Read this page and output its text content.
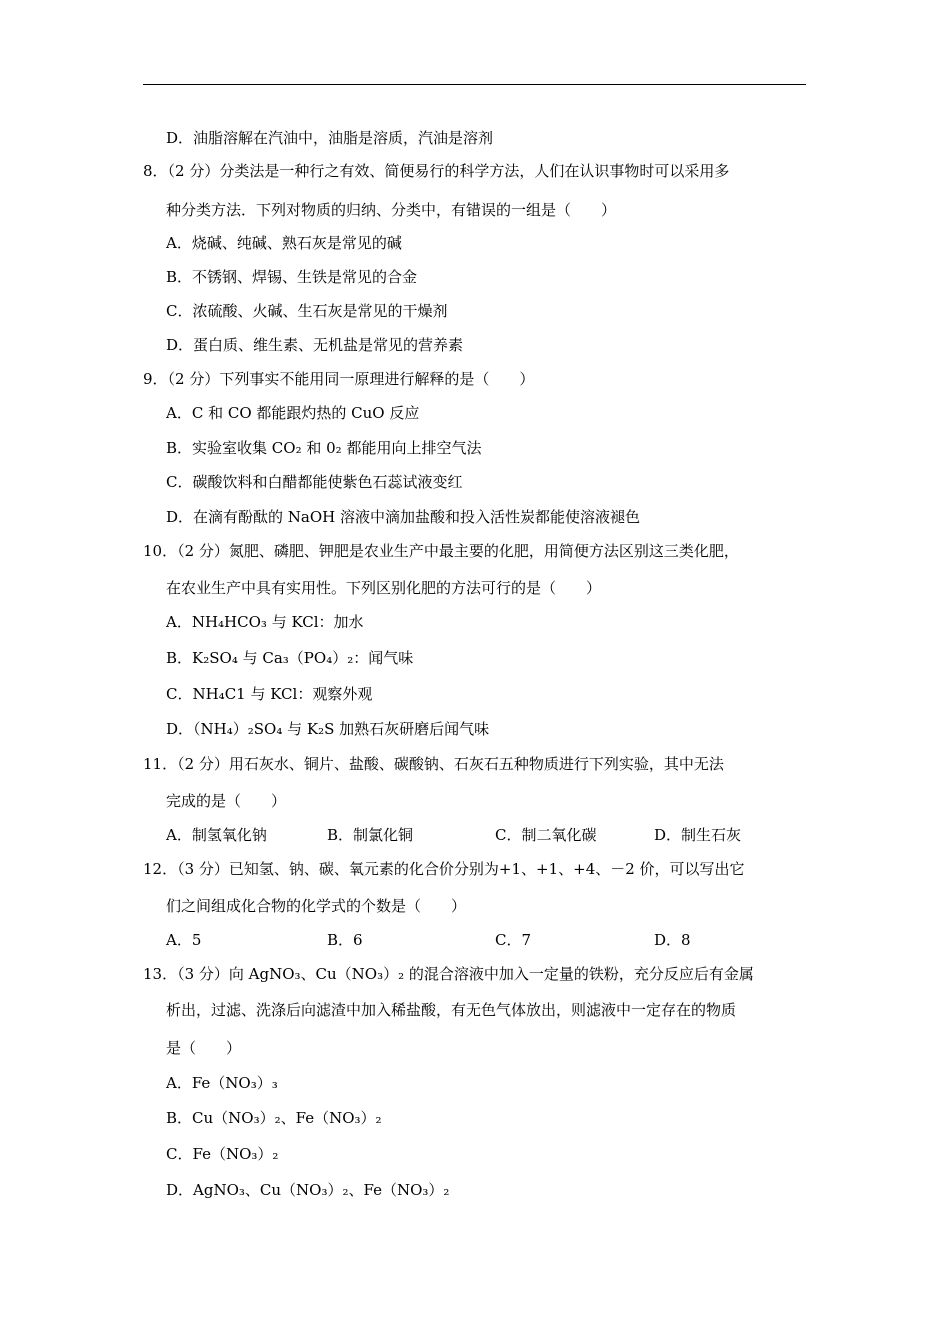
D．油脂溶解在汽油中，油脂是溶质，汽油是溶剂
8．（2 分）分类法是一种行之有效、简便易行的科学方法，人们在认识事物时可以采用多
种分类方法．下列对物质的归纳、分类中，有错误的一组是（　　）
A．烧碱、纯碱、熟石灰是常见的碱
B．不锈钢、焊锡、生铁是常见的合金
C．浓硫酸、火碱、生石灰是常见的干燥剂
D．蛋白质、维生素、无机盐是常见的营养素
9．（2 分）下列事实不能用同一原理进行解释的是（　　）
A．C 和 CO 都能跟灼热的 CuO 反应
B．实验室收集 CO₂ 和 0₂ 都能用向上排空气法
C．碳酸饮料和白醋都能使紫色石蕊试液变红
D．在滴有酚酞的 NaOH 溶液中滴加盐酸和投入活性炭都能使溶液褪色
10．（2 分）氮肥、磷肥、钾肥是农业生产中最主要的化肥，用简便方法区别这三类化肥，
在农业生产中具有实用性。下列区别化肥的方法可行的是（　　）
A．NH₄HCO₃ 与 KCl：加水
B．K₂SO₄ 与 Ca₃（PO₄）₂：闻气味
C．NH₄C1 与 KCl：观察外观
D．（NH₄）₂SO₄ 与 K₂S 加熟石灰研磨后闻气味
11．（2 分）用石灰水、铜片、盐酸、碳酸钠、石灰石五种物质进行下列实验，其中无法
完成的是（　　）
A．制氢氧化钠	B．制氯化铜	C．制二氧化碳	D．制生石灰
12．（3 分）已知氢、钠、碳、氧元素的化合价分别为+1、+1、+4、－2 价，可以写出它
们之间组成化合物的化学式的个数是（　　）
A．5	B．6	C．7	D．8
13．（3 分）向 AgNO₃、Cu（NO₃）₂ 的混合溶液中加入一定量的铁粉，充分反应后有金属
析出，过滤、洗涤后向滤渣中加入稀盐酸，有无色气体放出，则滤液中一定存在的物质
是（　　）
A．Fe（NO₃）₃
B．Cu（NO₃）₂、Fe（NO₃）₂
C．Fe（NO₃）₂
D．AgNO₃、Cu（NO₃）₂、Fe（NO₃）₂
